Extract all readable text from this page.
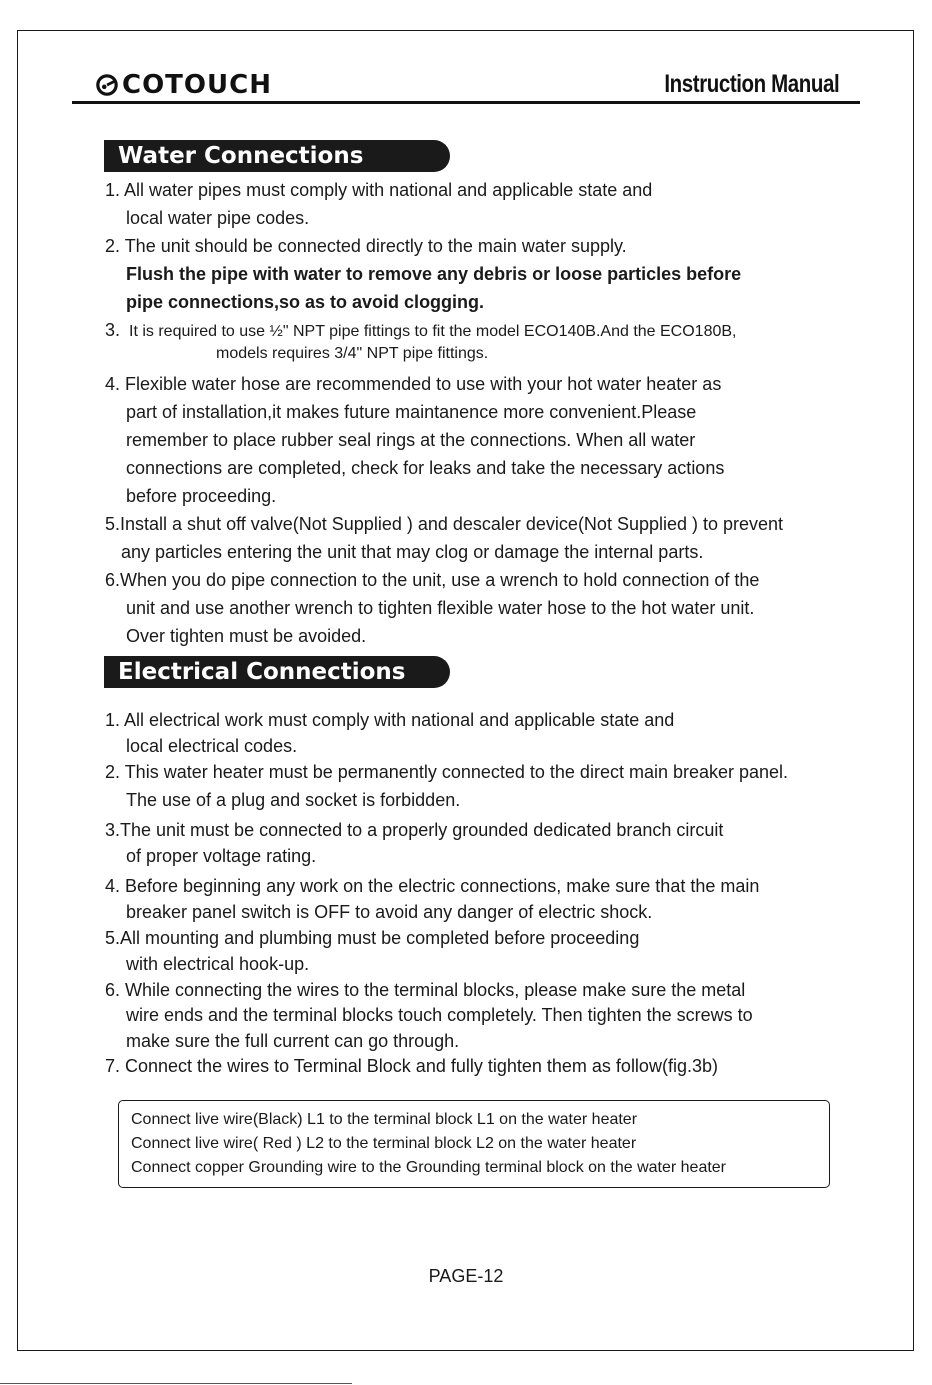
COTOUCH	Instruction Manual
Water Connections
1. All water pipes must comply with national and applicable state and
local water pipe codes.
2. The unit should be connected directly to the main water supply.
Flush the pipe with water to remove any debris or loose particles before
pipe connections,so as to avoid clogging.
3. It is required to use ½" NPT pipe fittings to fit the model ECO140B.And the ECO180B,
models requires 3/4" NPT pipe fittings.
4. Flexible water hose are recommended to use with your hot water heater as
part of installation,it makes future maintanence more convenient.Please
remember to place rubber seal rings at the connections. When all water
connections are completed, check for leaks and take the necessary actions
before proceeding.
5.Install a shut off valve(Not Supplied ) and descaler device(Not Supplied ) to prevent
any particles entering the unit that may clog or damage the internal parts.
6.When you do pipe connection to the unit, use a wrench to hold connection of the
unit and use another wrench to tighten flexible water hose to the hot water unit.
Over tighten must be avoided.
Electrical Connections
1. All electrical work must comply with national and applicable state and
local electrical codes.
2. This water heater must be permanently connected to the direct main breaker panel.
The use of a plug and socket is forbidden.
3.The unit must be connected to a properly grounded dedicated branch circuit
of proper voltage rating.
4. Before beginning any work on the electric connections, make sure that the main
breaker panel switch is OFF to avoid any danger of electric shock.
5.All mounting and plumbing must be completed before proceeding
with electrical hook-up.
6. While connecting the wires to the terminal blocks, please make sure the metal
wire ends and the terminal blocks touch completely. Then tighten the screws to
make sure the full current can go through.
7. Connect the wires to Terminal Block and fully tighten them as follow(fig.3b)
Connect live wire(Black) L1 to the terminal block L1 on the water heater
Connect live wire( Red ) L2 to the terminal block L2 on the water heater
Connect copper Grounding wire to the Grounding terminal block on the water heater
PAGE-12
